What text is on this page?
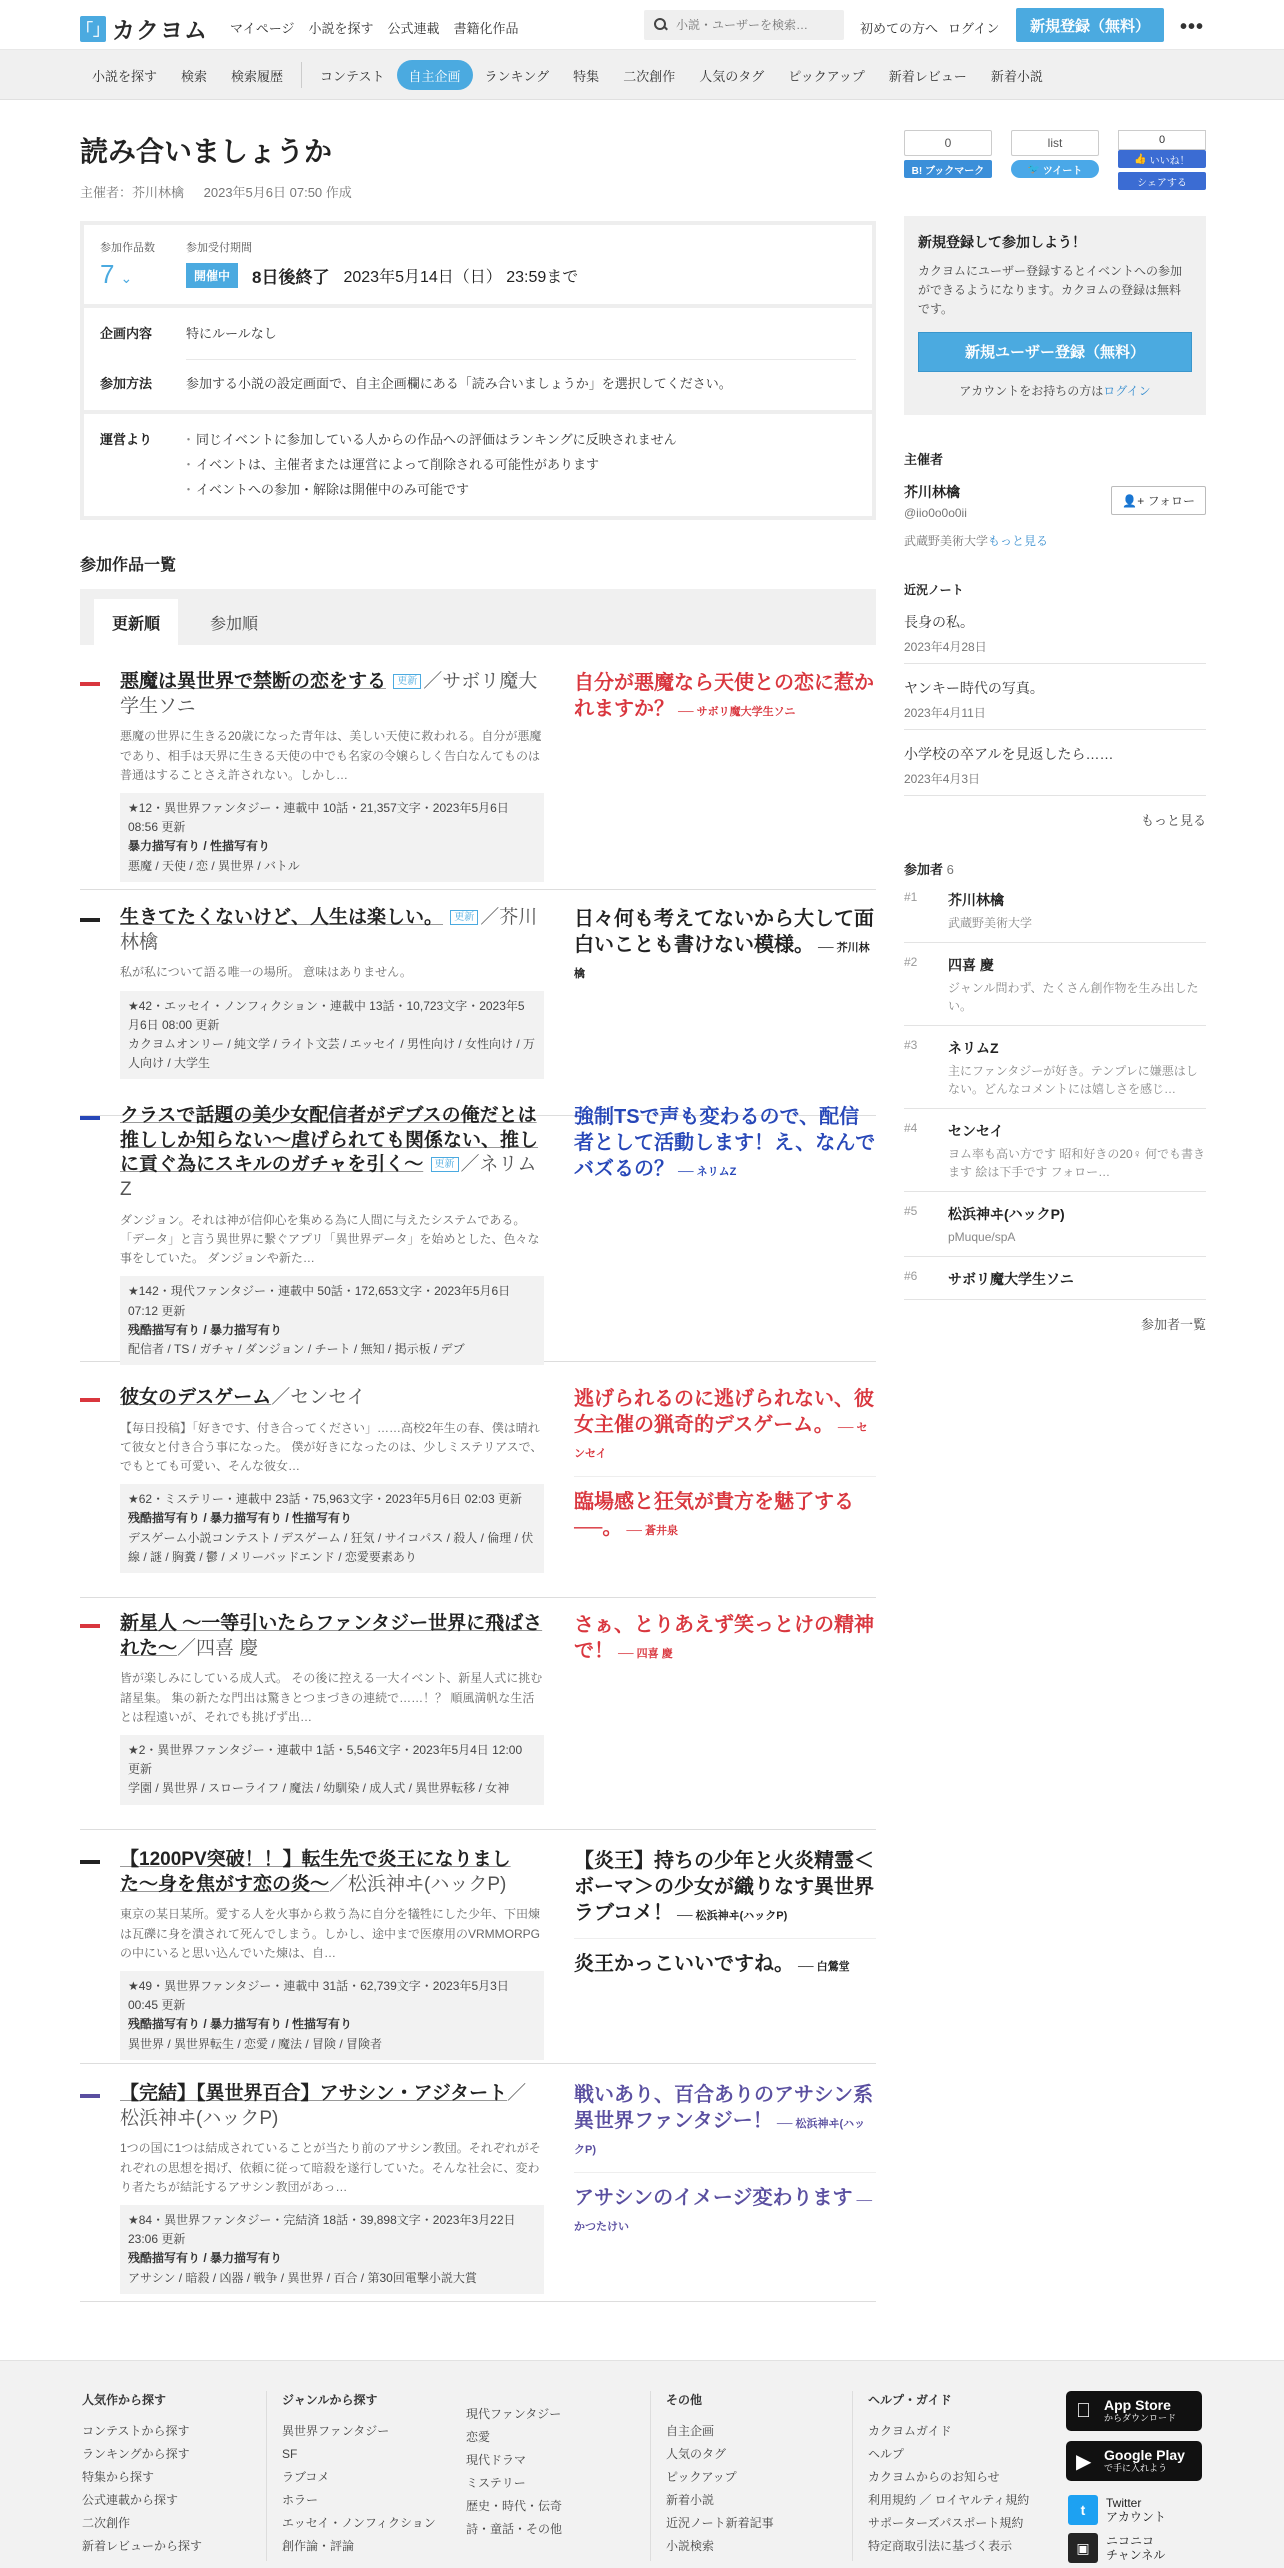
「」 カクヨム マイページ 小説を探す 公式連載 書籍化作品
小説・ユーザーを検索…	初めての方へ ログイン	新規登録（無料）	•••
小説を探す	検索	検索履歴	コンテスト	自主企画	ランキング	特集	二次創作	人気のタグ	ピックアップ	新着レビュー	新着小説
読み合いましょうか
主催者：芥川林檎 2023年5月6日 07:50 作成
参加作品数
7 ⌄
参加受付期間
開催中	8日後終了 2023年5月14日（日） 23:59まで
企画内容	特にルールなし
参加方法	参加する小説の設定画面で、自主企画欄にある「読み合いましょうか」を選択してください。
運営より
・	同じイベントに参加している人からの作品への評価はランキングに反映されません
・ イベントは、主催者または運営によって削除される可能性があります
・ イベントへの参加・解除は開催中のみ可能です
参加作品一覧
更新順	参加順
悪魔は異世界で禁断の恋をする 更新 ／サボリ魔大学生ソニ
悪魔の世界に生きる20歳になった青年は、美しい天使に救われる。自分が悪魔であり、相手は天界に生きる天使の中でも名家の令嬢らしく告白なんてものは普通はすることさえ許されない。しかし…
★12・異世界ファンタジー・連載中 10話・21,357文字・2023年5月6日 08:56 更新
暴力描写有り / 性描写有り
悪魔 / 天使 / 恋 / 異世界 / バトル
自分が悪魔なら天使との恋に惹かれますか？ ── サボリ魔大学生ソニ
生きてたくないけど、人生は楽しい。 更新 ／芥川林檎
私が私について語る唯一の場所。 意味はありません。
★42・エッセイ・ノンフィクション・連載中 13話・10,723文字・2023年5月6日 08:00 更新
カクヨムオンリー / 純文学 / ライト文芸 / エッセイ / 男性向け / 女性向け / 万人向け / 大学生
日々何も考えてないから大して面白いことも書けない模様。 ── 芥川林檎
クラスで話題の美少女配信者がデブスの俺だとは推ししか知らない〜虐げられても関係ない、推しに貢ぐ為にスキルのガチャを引く〜 更新 ／ネリムZ
ダンジョン。それは神が信仰心を集める為に人間に与えたシステムである。 「データ」と言う異世界に繋ぐアプリ「異世界データ」を始めとした、色々な事をしていた。 ダンジョンや新た…
★142・現代ファンタジー・連載中 50話・172,653文字・2023年5月6日 07:12 更新
残酷描写有り / 暴力描写有り
配信者 / TS / ガチャ / ダンジョン / チート / 無知 / 掲示板 / デブ
強制TSで声も変わるので、配信者として活動します！え、なんでバズるの？ ── ネリムZ
彼女のデスゲーム／センセイ
【毎日投稿】「好きです、付き合ってください」……高校2年生の春、僕は晴れて彼女と付き合う事になった。 僕が好きになったのは、少しミステリアスで、でもとても可愛い、そんな彼女…
★62・ミステリー・連載中 23話・75,963文字・2023年5月6日 02:03 更新
残酷描写有り / 暴力描写有り / 性描写有り
デスゲーム小説コンテスト / デスゲーム / 狂気 / サイコパス / 殺人 / 倫理 / 伏線 / 謎 / 胸糞 / 鬱 / メリーバッドエンド / 恋愛要素あり
逃げられるのに逃げられない、彼女主催の猟奇的デスゲーム。 ── センセイ
臨場感と狂気が貴方を魅了する──。 ── 蒼井泉
新星人 〜一等引いたらファンタジー世界に飛ばされた〜／四喜 慶
皆が楽しみにしている成人式。 その後に控える一大イベント、新星人式に挑む諸星集。 集の新たな門出は驚きとつまづきの連続で……！？ 順風満帆な生活とは程遠いが、それでも挑げず出…
★2・異世界ファンタジー・連載中 1話・5,546文字・2023年5月4日 12:00 更新
学園 / 異世界 / スローライフ / 魔法 / 幼馴染 / 成人式 / 異世界転移 / 女神
さぁ、とりあえず笑っとけの精神で！ ── 四喜 慶
【1200PV突破！！】転生先で炎王になりました〜身を焦がす恋の炎〜／松浜神ヰ(ハックP)
東京の某日某所。愛する人を火事から救う為に自分を犠牲にした少年、下田煉は瓦礫に身を潰されて死んでしまう。しかし、途中まで医療用のVRMMORPGの中にいると思い込んでいた煉は、自…
★49・異世界ファンタジー・連載中 31話・62,739文字・2023年5月3日 00:45 更新
残酷描写有り / 暴力描写有り / 性描写有り
異世界 / 異世界転生 / 恋愛 / 魔法 / 冒険 / 冒険者
【炎王】持ちの少年と火炎精霊＜ボーマ＞の少女が織りなす異世界ラブコメ！ ── 松浜神ヰ(ハックP)
炎王かっこいいですね。 ── 白鶯堂
【完結】【異世界百合】アサシン・アジタート／松浜神ヰ(ハックP)
1つの国に1つは結成されていることが当たり前のアサシン教団。それぞれがそれぞれの思想を掲げ、依頼に従って暗殺を遂行していた。そんな社会に、変わり者たちが結託するアサシン教団があっ…
★84・異世界ファンタジー・完結済 18話・39,898文字・2023年3月22日 23:06 更新
残酷描写有り / 暴力描写有り
アサシン / 暗殺 / 凶器 / 戦争 / 異世界 / 百合 / 第30回電撃小説大賞
戦いあり、百合ありのアサシン系異世界ファンタジー！ ── 松浜神ヰ(ハックP)
アサシンのイメージ変わります ── かつたけい
0
B! ブックマーク
list
🐦
ツイート
0
👍
いいね！
シェアする
新規登録して参加しよう！
カクヨムにユーザー登録するとイベントへの参加ができるようになります。カクヨムの登録は無料です。
新規ユーザー登録（無料）
アカウントをお持ちの方はログイン
主催者
芥川林檎
@iio0o0o0ii
👤+ フォロー
武蔵野美術大学もっと見る
近況ノート
長身の私。
2023年4月28日
ヤンキー時代の写真。
2023年4月11日
小学校の卒アルを見返したら……
2023年4月3日
もっと見る
参加者 6
#1	芥川林檎
武蔵野美術大学
#2	四喜 慶
ジャンル問わず、たくさん創作物を生み出したい。
#3	ネリムZ
主にファンタジーが好き。テンプレに嫌悪はしない。どんなコメントには嬉しさを感じ…
#4	センセイ
ヨム率も高い方です 昭和好きの20♀ 何でも書きます 絵は下手です フォロー…
#5	松浜神ヰ(ハックP)
pMuque/spA
#6	サボリ魔大学生ソニ
参加者一覧
人気作から探す
コンテストから探す
ランキングから探す
特集から探す
公式連載から探す
二次創作
新着レビューから探す
ジャンルから探す
異世界ファンタジー
SF
ラブコメ
ホラー
エッセイ・ノンフィクション
創作論・評論
現代ファンタジー
恋愛
現代ドラマ
ミステリー
歴史・時代・伝奇
詩・童話・その他
その他
自主企画
人気のタグ
ピックアップ
新着小説
近況ノート新着記事
小説検索
ヘルプ・ガイド
カクヨムガイド
ヘルプ
カクヨムからのお知らせ
利用規約 ／ ロイヤルティ規約
サポーターズパスポート規約
特定商取引法に基づく表示
App Store
からダウンロード
▶ Google Play
で手に入れよう
t	Twitter
アカウント
▣	ニコニコ
チャンネル
